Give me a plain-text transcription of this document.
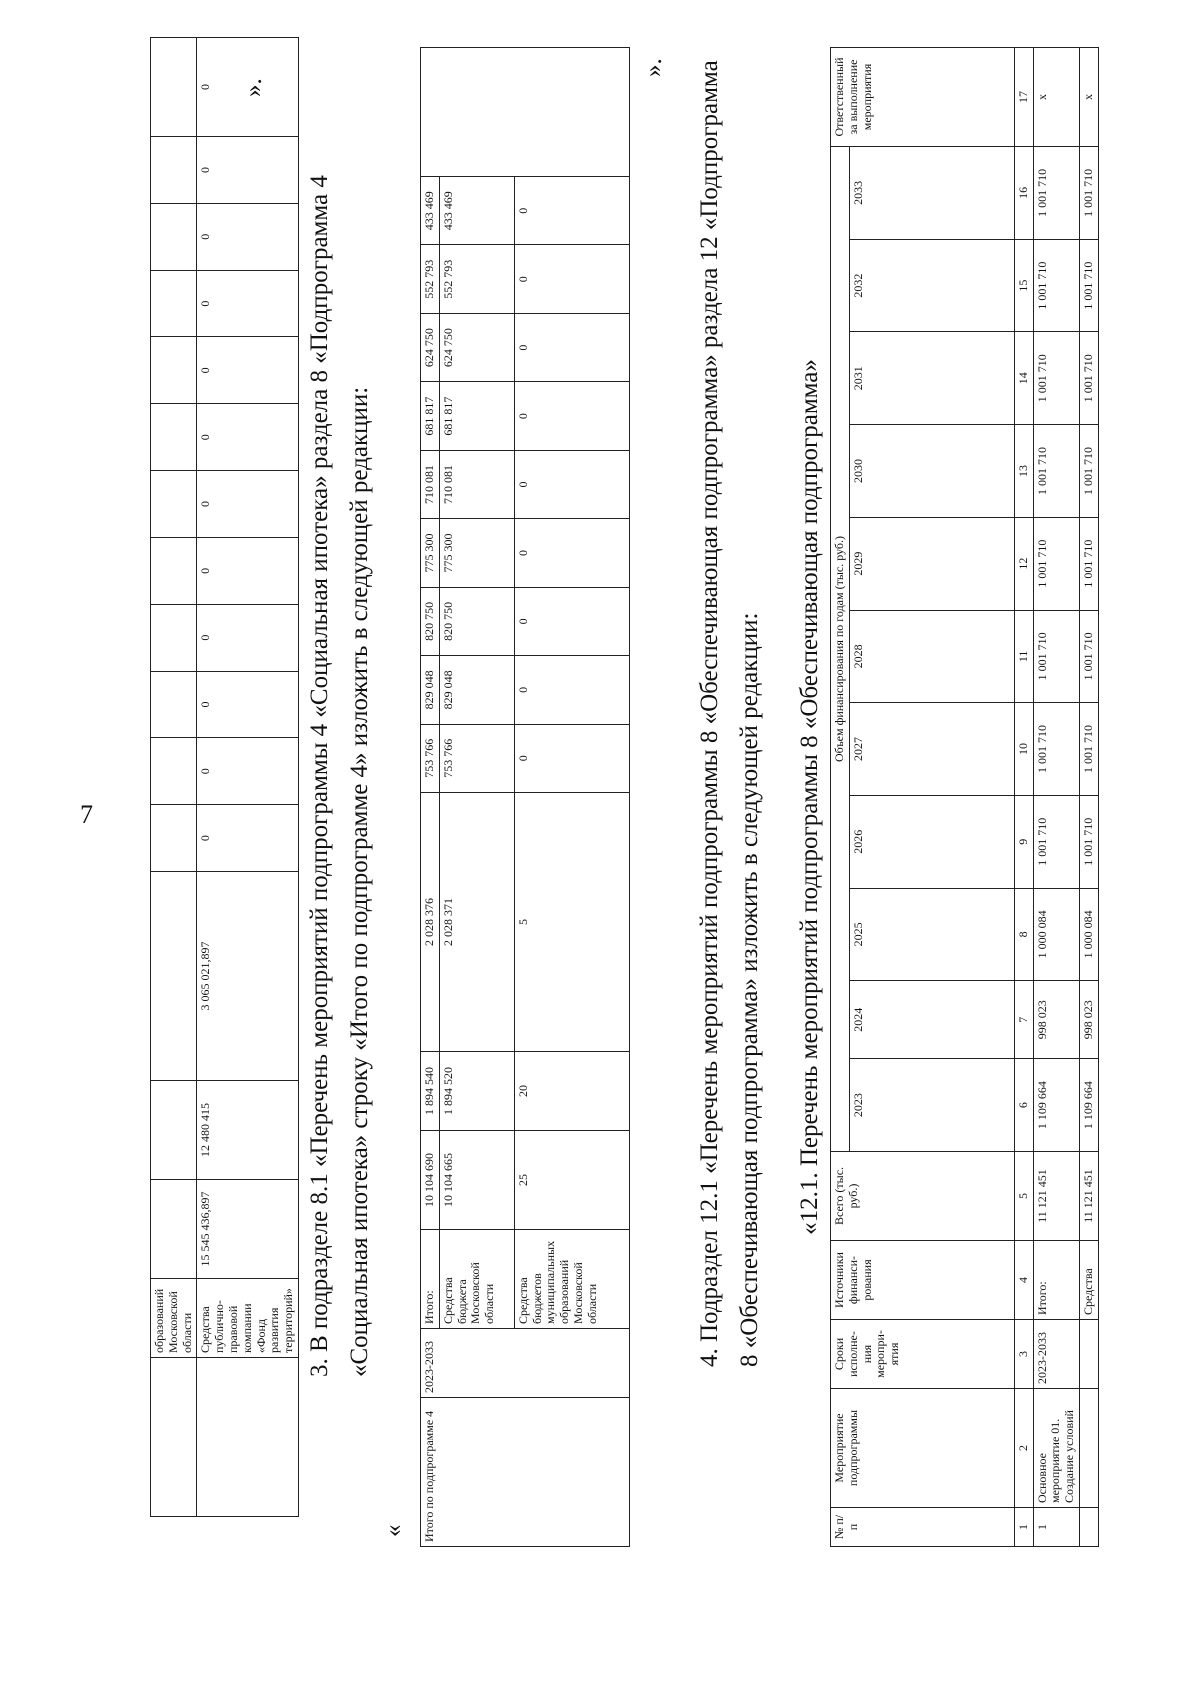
7
	образований Московской области															
	Средства публично-правовой компании «Фонд развития территорий»	15 545 436,897	12 480 415	3 065 021,897	0	0	0	0	0	0	0	0	0	0	0	0 ».
3. В подразделе 8.1 «Перечень мероприятий подпрограммы 4 «Социальная ипотека» раздела 8 «Подпрограмма 4 «Социальная ипотека» строку «Итого по подпрограмме 4» изложить в следующей редакции:
« Итого по подпрограмме 4	2023-2033	Итого:	10 104 690	1 894 540	2 028 376	753 766	829 048	820 750	775 300	710 081	681 817	624 750	552 793	433 469	
		Средства бюджета Московской области	10 104 665	1 894 520	2 028 371	753 766	829 048	820 750	775 300	710 081	681 817	624 750	552 793	433 469	
		Средства бюджетов муниципальных образований Московской области	25	20	5	0	0	0	0	0	0	0	0	0	
». 4. Подраздел 12.1 «Перечень мероприятий подпрограммы 8 «Обеспечивающая подпрограмма» раздела 12 «Подпрограмма 8 «Обеспечивающая подпрограмма» изложить в следующей редакции: «12.1. Перечень мероприятий подпрограммы 8 «Обеспечивающая подпрограмма»
№ п/п	Мероприятие подпрограммы	Сроки исполне-ния меропри-ятия	Источники финанси-рования	Всего (тыс. руб.)	Объем финансирования по годам (тыс. руб.)											Ответственный за выполнение мероприятия
					2023	2024	2025	2026	2027	2028	2029	2030	2031	2032	2033	
1	2	3	4	5	6	7	8	9	10	11	12	13	14	15	16	17
1	Основное мероприятие 01. Создание условий	2023-2033	Итого:	11 121 451	1 109 664	998 023	1 000 084	1 001 710	1 001 710	1 001 710	1 001 710	1 001 710	1 001 710	1 001 710	1 001 710	х
			Средства	11 121 451	1 109 664	998 023	1 000 084	1 001 710	1 001 710	1 001 710	1 001 710	1 001 710	1 001 710	1 001 710	1 001 710	х
